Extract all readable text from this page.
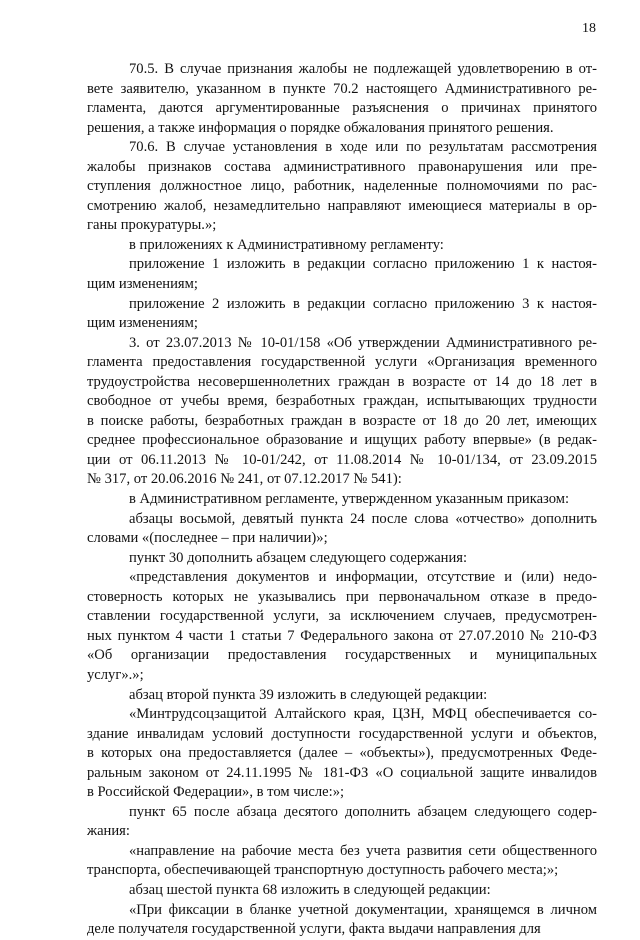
18

70.5. В случае признания жалобы не подлежащей удовлетворению в от-
вете заявителю, указанном в пункте 70.2 настоящего Административного ре-
гламента, даются аргументированные разъяснения о причинах принятого
решения, а также информация о порядке обжалования принятого решения.

70.6. В случае установления в ходе или по результатам рассмотрения
жалобы признаков состава административного правонарушения или пре-
ступления должностное лицо, работник, наделенные полномочиями по рас-
смотрению жалоб, незамедлительно направляют имеющиеся материалы в ор-
ганы прокуратуры.»;

в приложениях к Административному регламенту:

приложение 1 изложить в редакции согласно приложению 1 к настоя-
щим изменениям;

приложение 2 изложить в редакции согласно приложению 3 к настоя-
щим изменениям;

3. от 23.07.2013 № 10-01/158 «Об утверждении Административного ре-
гламента предоставления государственной услуги «Организация временного
трудоустройства несовершеннолетних граждан в возрасте от 14 до 18 лет в
свободное от учебы время, безработных граждан, испытывающих трудности
в поиске работы, безработных граждан в возрасте от 18 до 20 лет, имеющих
среднее профессиональное образование и ищущих работу впервые» (в редак-
ции от 06.11.2013 № 10-01/242, от 11.08.2014 № 10-01/134, от 23.09.2015
№ 317, от 20.06.2016 № 241, от 07.12.2017 № 541):

в Административном регламенте, утвержденном указанным приказом:

абзацы восьмой, девятый пункта 24 после слова «отчество» дополнить
словами «(последнее – при наличии)»;

пункт 30 дополнить абзацем следующего содержания:

«представления документов и информации, отсутствие и (или) недо-
стоверность которых не указывались при первоначальном отказе в предо-
ставлении государственной услуги, за исключением случаев, предусмотрен-
ных пунктом 4 части 1 статьи 7 Федерального закона от 27.07.2010 № 210-ФЗ
«Об организации предоставления государственных и муниципальных
услуг».»;

абзац второй пункта 39 изложить в следующей редакции:

«Минтрудсоцзащитой Алтайского края, ЦЗН, МФЦ обеспечивается со-
здание инвалидам условий доступности государственной услуги и объектов,
в которых она предоставляется (далее – «объекты»), предусмотренных Феде-
ральным законом от 24.11.1995 № 181-ФЗ «О социальной защите инвалидов
в Российской Федерации», в том числе:»;

пункт 65 после абзаца десятого дополнить абзацем следующего содер-
жания:

«направление на рабочие места без учета развития сети общественного
транспорта, обеспечивающей транспортную доступность рабочего места;»;

абзац шестой пункта 68 изложить в следующей редакции:

«При фиксации в бланке учетной документации, хранящемся в личном
деле получателя государственной услуги, факта выдачи направления для
